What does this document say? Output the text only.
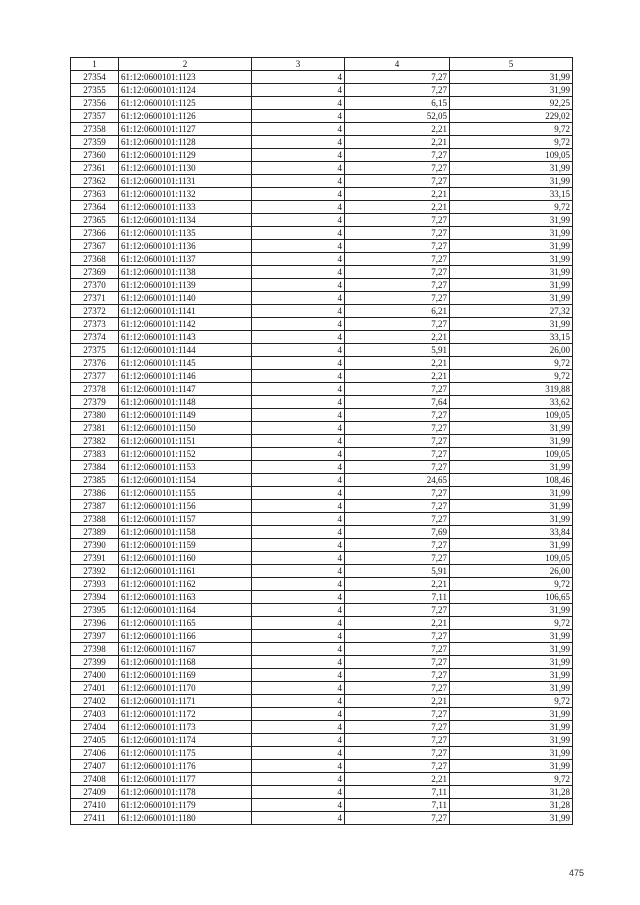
1	2	3	4	5
27354	61:12:0600101:1123	4	7,27	31,99
27355	61:12:0600101:1124	4	7,27	31,99
27356	61:12:0600101:1125	4	6,15	92,25
27357	61:12:0600101:1126	4	52,05	229,02
27358	61:12:0600101:1127	4	2,21	9,72
27359	61:12:0600101:1128	4	2,21	9,72
27360	61:12:0600101:1129	4	7,27	109,05
27361	61:12:0600101:1130	4	7,27	31,99
27362	61:12:0600101:1131	4	7,27	31,99
27363	61:12:0600101:1132	4	2,21	33,15
27364	61:12:0600101:1133	4	2,21	9,72
27365	61:12:0600101:1134	4	7,27	31,99
27366	61:12:0600101:1135	4	7,27	31,99
27367	61:12:0600101:1136	4	7,27	31,99
27368	61:12:0600101:1137	4	7,27	31,99
27369	61:12:0600101:1138	4	7,27	31,99
27370	61:12:0600101:1139	4	7,27	31,99
27371	61:12:0600101:1140	4	7,27	31,99
27372	61:12:0600101:1141	4	6,21	27,32
27373	61:12:0600101:1142	4	7,27	31,99
27374	61:12:0600101:1143	4	2,21	33,15
27375	61:12:0600101:1144	4	5,91	26,00
27376	61:12:0600101:1145	4	2,21	9,72
27377	61:12:0600101:1146	4	2,21	9,72
27378	61:12:0600101:1147	4	7,27	319,88
27379	61:12:0600101:1148	4	7,64	33,62
27380	61:12:0600101:1149	4	7,27	109,05
27381	61:12:0600101:1150	4	7,27	31,99
27382	61:12:0600101:1151	4	7,27	31,99
27383	61:12:0600101:1152	4	7,27	109,05
27384	61:12:0600101:1153	4	7,27	31,99
27385	61:12:0600101:1154	4	24,65	108,46
27386	61:12:0600101:1155	4	7,27	31,99
27387	61:12:0600101:1156	4	7,27	31,99
27388	61:12:0600101:1157	4	7,27	31,99
27389	61:12:0600101:1158	4	7,69	33,84
27390	61:12:0600101:1159	4	7,27	31,99
27391	61:12:0600101:1160	4	7,27	109,05
27392	61:12:0600101:1161	4	5,91	26,00
27393	61:12:0600101:1162	4	2,21	9,72
27394	61:12:0600101:1163	4	7,11	106,65
27395	61:12:0600101:1164	4	7,27	31,99
27396	61:12:0600101:1165	4	2,21	9,72
27397	61:12:0600101:1166	4	7,27	31,99
27398	61:12:0600101:1167	4	7,27	31,99
27399	61:12:0600101:1168	4	7,27	31,99
27400	61:12:0600101:1169	4	7,27	31,99
27401	61:12:0600101:1170	4	7,27	31,99
27402	61:12:0600101:1171	4	2,21	9,72
27403	61:12:0600101:1172	4	7,27	31,99
27404	61:12:0600101:1173	4	7,27	31,99
27405	61:12:0600101:1174	4	7,27	31,99
27406	61:12:0600101:1175	4	7,27	31,99
27407	61:12:0600101:1176	4	7,27	31,99
27408	61:12:0600101:1177	4	2,21	9,72
27409	61:12:0600101:1178	4	7,11	31,28
27410	61:12:0600101:1179	4	7,11	31,28
27411	61:12:0600101:1180	4	7,27	31,99
475
